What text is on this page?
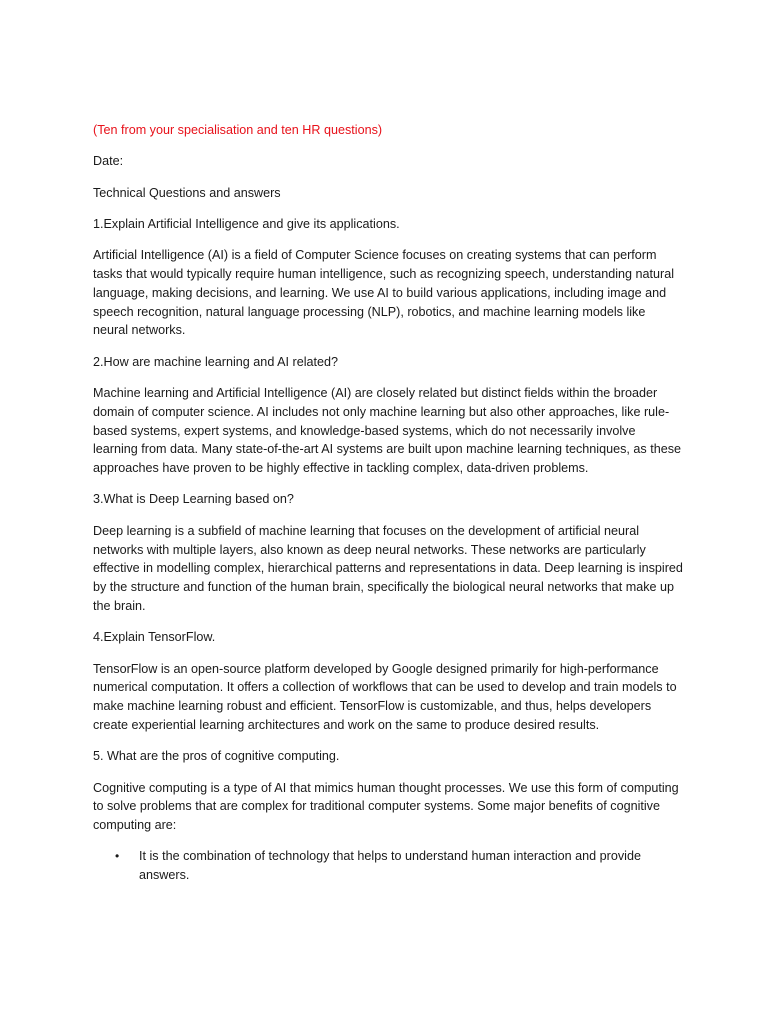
(Ten from your specialisation and ten HR questions)

Date:

Technical Questions and answers

1.Explain Artificial Intelligence and give its applications.

Artificial Intelligence (AI) is a field of Computer Science focuses on creating systems that can perform tasks that would typically require human intelligence, such as recognizing speech, understanding natural language, making decisions, and learning. We use AI to build various applications, including image and speech recognition, natural language processing (NLP), robotics, and machine learning models like neural networks.

2.How are machine learning and AI related?

Machine learning and Artificial Intelligence (AI) are closely related but distinct fields within the broader domain of computer science. AI includes not only machine learning but also other approaches, like rule-based systems, expert systems, and knowledge-based systems, which do not necessarily involve learning from data. Many state-of-the-art AI systems are built upon machine learning techniques, as these approaches have proven to be highly effective in tackling complex, data-driven problems.

3.What is Deep Learning based on?

Deep learning is a subfield of machine learning that focuses on the development of artificial neural networks with multiple layers, also known as deep neural networks. These networks are particularly effective in modelling complex, hierarchical patterns and representations in data. Deep learning is inspired by the structure and function of the human brain, specifically the biological neural networks that make up the brain.

4.Explain TensorFlow.

TensorFlow is an open-source platform developed by Google designed primarily for high-performance numerical computation. It offers a collection of workflows that can be used to develop and train models to make machine learning robust and efficient. TensorFlow is customizable, and thus, helps developers create experiential learning architectures and work on the same to produce desired results.

5. What are the pros of cognitive computing.

Cognitive computing is a type of AI that mimics human thought processes. We use this form of computing to solve problems that are complex for traditional computer systems. Some major benefits of cognitive computing are:

• It is the combination of technology that helps to understand human interaction and provide answers.
